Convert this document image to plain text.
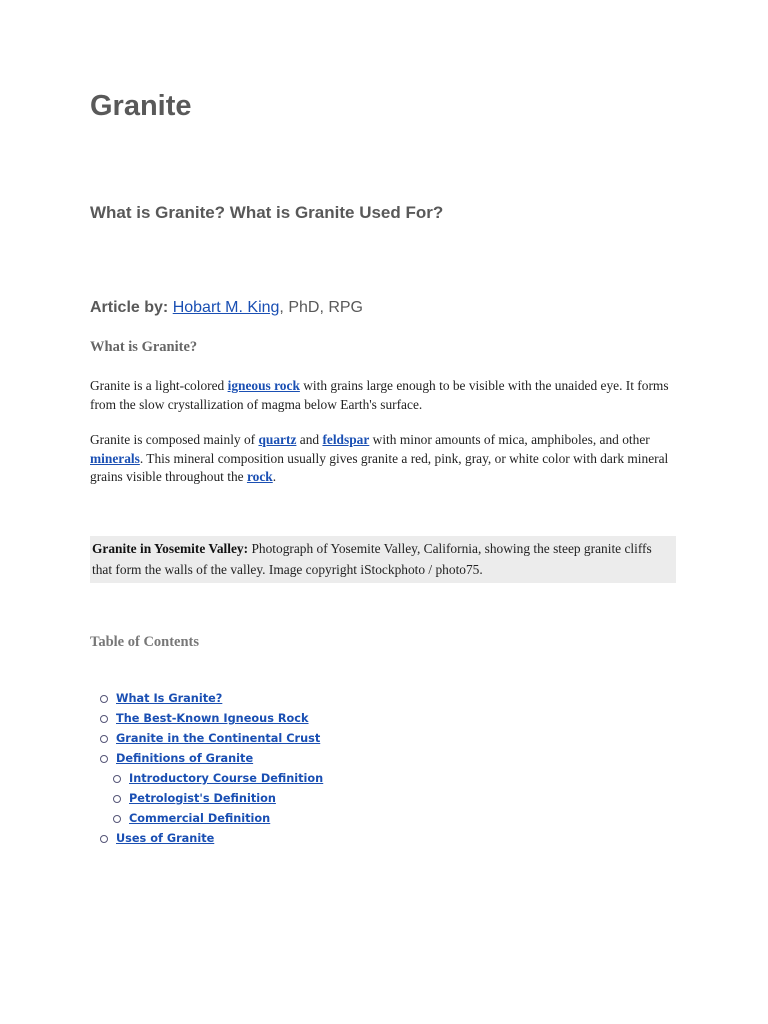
Granite
What is Granite? What is Granite Used For?
Article by: Hobart M. King, PhD, RPG
What is Granite?

Granite is a light-colored igneous rock with grains large enough to be visible with the unaided eye. It forms from the slow crystallization of magma below Earth's surface.

Granite is composed mainly of quartz and feldspar with minor amounts of mica, amphiboles, and other minerals. This mineral composition usually gives granite a red, pink, gray, or white color with dark mineral grains visible throughout the rock.

Granite in Yosemite Valley: Photograph of Yosemite Valley, California, showing the steep granite cliffs that form the walls of the valley. Image copyright iStockphoto / photo75.
Table of Contents
What Is Granite?
The Best-Known Igneous Rock
Granite in the Continental Crust
Definitions of Granite
Introductory Course Definition
Petrologist's Definition
Commercial Definition
Uses of Granite
